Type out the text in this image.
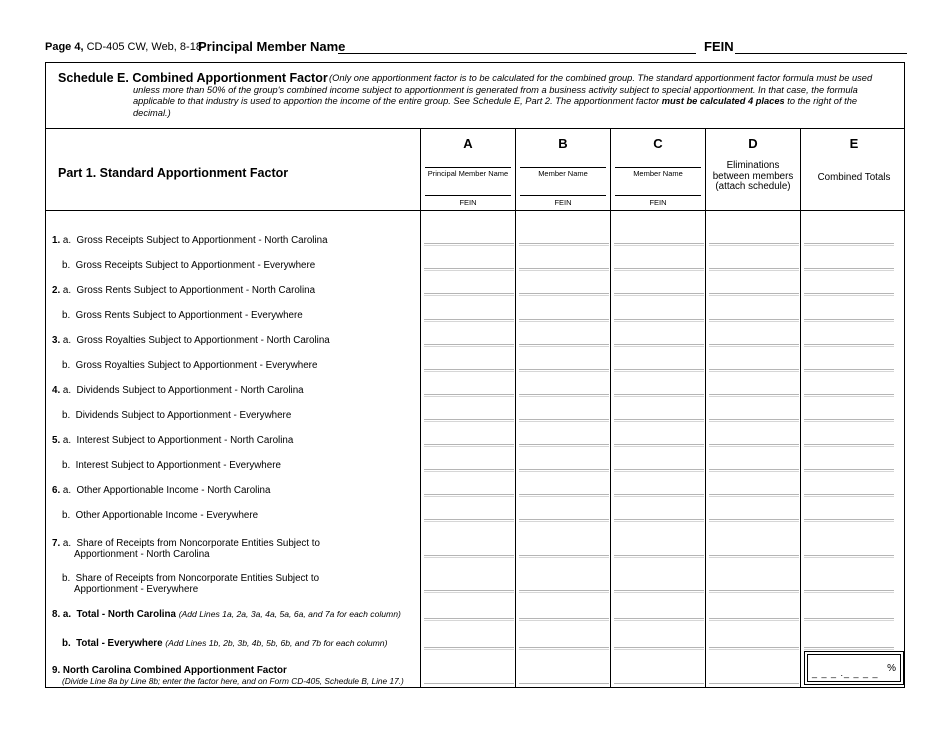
Page 4, CD-405 CW, Web, 8-18
Principal Member Name	FEIN
Schedule E. Combined Apportionment Factor (Only one apportionment factor is to be calculated for the combined group. The standard apportionment factor formula must be used unless more than 50% of the group's combined income subject to apportionment is generated from a business activity subject to special apportionment. In that case, the formula applicable to that industry is used to apportion the income of the entire group. See Schedule E, Part 2. The apportionment factor must be calculated 4 places to the right of the decimal.)
Part 1. Standard Apportionment Factor
A
Principal Member Name
FEIN
B
Member Name
FEIN
C
Member Name
FEIN
D
Eliminations
between members
(attach schedule)
E
Combined Totals
1. a. Gross Receipts Subject to Apportionment - North Carolina
b. Gross Receipts Subject to Apportionment - Everywhere
2. a. Gross Rents Subject to Apportionment - North Carolina
b. Gross Rents Subject to Apportionment - Everywhere
3. a. Gross Royalties Subject to Apportionment - North Carolina
b. Gross Royalties Subject to Apportionment - Everywhere
4. a. Dividends Subject to Apportionment - North Carolina
b. Dividends Subject to Apportionment - Everywhere
5. a. Interest Subject to Apportionment - North Carolina
b. Interest Subject to Apportionment - Everywhere
6. a. Other Apportionable Income - North Carolina
b. Other Apportionable Income - Everywhere
7. a. Share of Receipts from Noncorporate Entities Subject to
Apportionment - North Carolina
b. Share of Receipts from Noncorporate Entities Subject to
Apportionment - Everywhere
8. a. Total - North Carolina (Add Lines 1a, 2a, 3a, 4a, 5a, 6a, and 7a for each column)
b. Total - Everywhere (Add Lines 1b, 2b, 3b, 4b, 5b, 6b, and 7b for each column)
9. North Carolina Combined Apportionment Factor
(Divide Line 8a by Line 8b; enter the factor here, and on Form CD-405, Schedule B, Line 17.)
_ _ _ ._ _ _ _ %
